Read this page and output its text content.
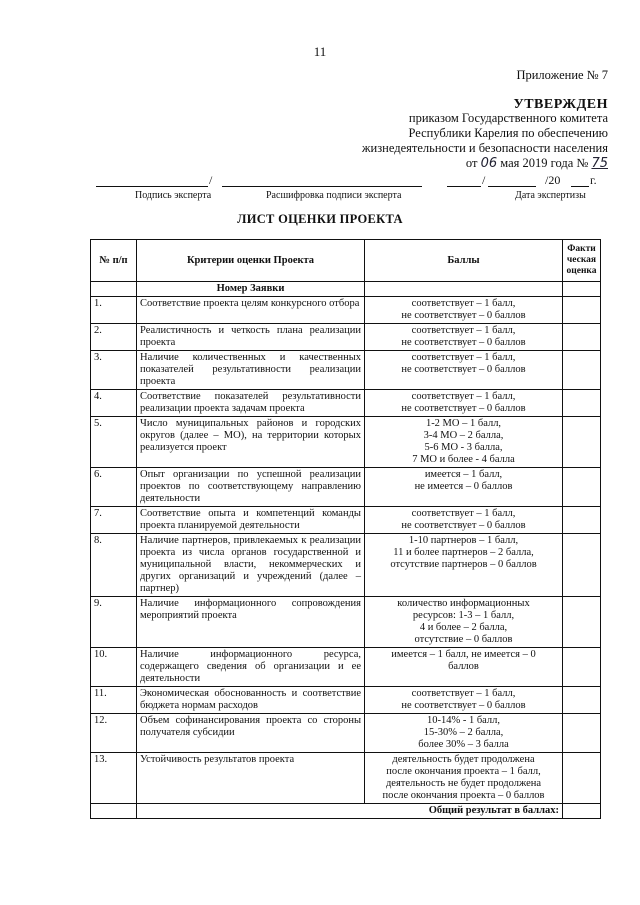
11
Приложение № 7
УТВЕРЖДЕН
приказом Государственного комитета
Республики Карелия по обеспечению
жизнедеятельности и безопасности населения
от 06 мая 2019 года № 75
/	/	/20 г.
Подпись эксперта	Расшифровка подписи эксперта	Дата экспертизы
ЛИСТ ОЦЕНКИ ПРОЕКТА
№ п/п	Критерии оценки Проекта	Баллы	Фактическая оценка
	Номер Заявки		
1.	Соответствие проекта целям конкурсного отбора	соответствует – 1 балл,
не соответствует – 0 баллов	

2.	Реалистичность и четкость плана реализации проекта	соответствует – 1 балл,
не соответствует – 0 баллов	

3.	Наличие количественных и качественных показателей результативности реализации проекта	соответствует – 1 балл,
не соответствует – 0 баллов	

4.	Соответствие показателей результативности реализации проекта задачам проекта	соответствует – 1 балл,
не соответствует – 0 баллов	

5.	Число муниципальных районов и городских округов (далее – МО), на территории которых реализуется проект	1-2 МО – 1 балл,
3-4 МО – 2 балла,
5-6 МО - 3 балла,
7 МО и более - 4 балла	

6.	Опыт организации по успешной реализации проектов по соответствующему направлению деятельности	имеется – 1 балл,
не имеется – 0 баллов	

7.	Соответствие опыта и компетенций команды проекта планируемой деятельности	соответствует – 1 балл,
не соответствует – 0 баллов	

8.	Наличие партнеров, привлекаемых к реализации проекта из числа органов государственной и муниципальной власти, некоммерческих и других организаций и учреждений (далее – партнер)	1-10 партнеров – 1 балл,
11 и более партнеров – 2 балла,
отсутствие партнеров – 0 баллов	

9.	Наличие информационного сопровождения мероприятий проекта	количество информационных
ресурсов: 1-3 – 1 балл,
4 и более – 2 балла,
отсутствие – 0 баллов	

10.	Наличие информационного ресурса, содержащего сведения об организации и ее деятельности	имеется – 1 балл, не имеется – 0
баллов	

11.	Экономическая обоснованность и соответствие бюджета нормам расходов	соответствует – 1 балл,
не соответствует – 0 баллов	

12.	Объем софинансирования проекта со стороны получателя субсидии	10-14% - 1 балл,
15-30% – 2 балла,
более 30% – 3 балла	

13.	Устойчивость результатов проекта	деятельность будет продолжена
после окончания проекта – 1 балл,
деятельность не будет продолжена
после окончания проекта – 0 баллов	

	Общий результат в баллах:		
